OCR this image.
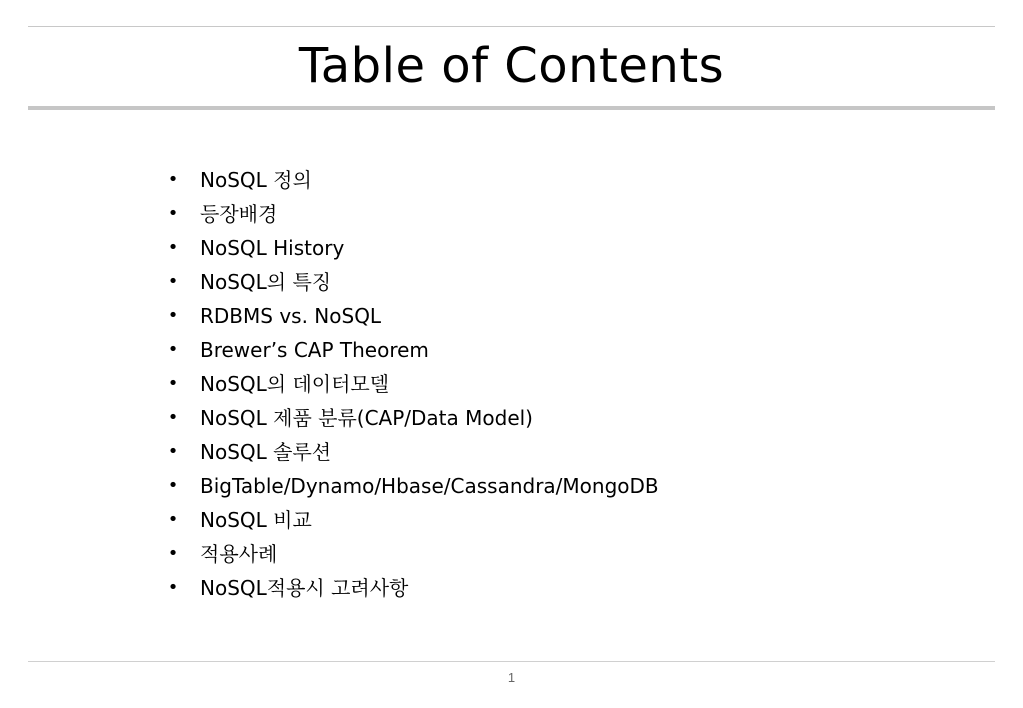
Table of Contents
• NoSQL 정의
• 등장배경
• NoSQL History
• NoSQL의 특징
• RDBMS vs. NoSQL
• Brewer’s CAP Theorem
• NoSQL의 데이터모델
• NoSQL 제품 분류(CAP/Data Model)
• NoSQL 솔루션
• BigTable/Dynamo/Hbase/Cassandra/MongoDB
• NoSQL 비교
• 적용사례
• NoSQL적용시 고려사항
1
